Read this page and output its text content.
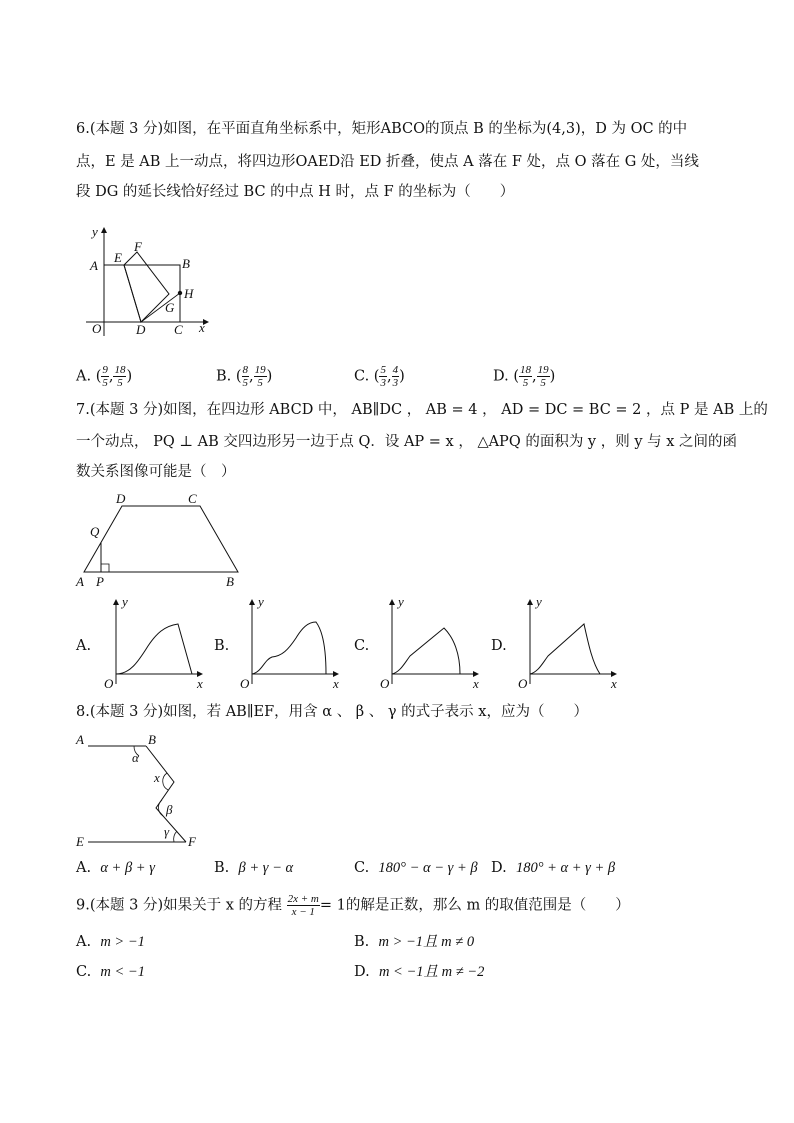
6.(本题 3 分)如图，在平面直角坐标系中，矩形ABCO的顶点 B 的坐标为(4,3)，D 为 OC 的中
点，E 是 AB 上一动点，将四边形OAED沿 ED 折叠，使点 A 落在 F 处，点 O 落在 G 处，当线
段 DG 的延长线恰好经过 BC 的中点 H 时，点 F 的坐标为（　　）
y
A
E
F
B
H
G
O	D C x
A. ( $\frac{9}{5}$ , $\frac{18}{5}$ )	B. ( $\frac{8}{5}$ , $\frac{19}{5}$ )	C. ( $\frac{5}{3}$ , $\frac{4}{3}$ )	D. ( $\frac{18}{5}$ , $\frac{19}{5}$ )
7.(本题 3 分)如图，在四边形 ABCD 中， AB∥DC ， AB = 4 ， AD = DC = BC = 2 ，点 P 是 AB 上的
一个动点， PQ ⊥ AB 交四边形另一边于点 Q．设 AP = x ， △APQ 的面积为 y ，则 y 与 x 之间的函
数关系图像可能是（　）
D	C
Q
A P	B
A.
y
O	x
B.
y
O	x
C.
y
O	x
D.
y
O	x
8.(本题 3 分)如图，若 AB∥EF，用含 α 、 β 、 γ 的式子表示 x，应为（　　）
A	B
α
x
β
γ
E	F
A. α + β + γ	B. β + γ − α	C. 180° − α − γ + β D. 180° + α + γ + β
9.(本题 3 分)如果关于 x 的方程 $\frac{2x + m}{x - 1} = 1$的解是正数，那么 m 的取值范围是（　　）
A. m > −1	B. m > −1且 m ≠ 0
C. m < −1	D. m < −1且 m ≠ −2
